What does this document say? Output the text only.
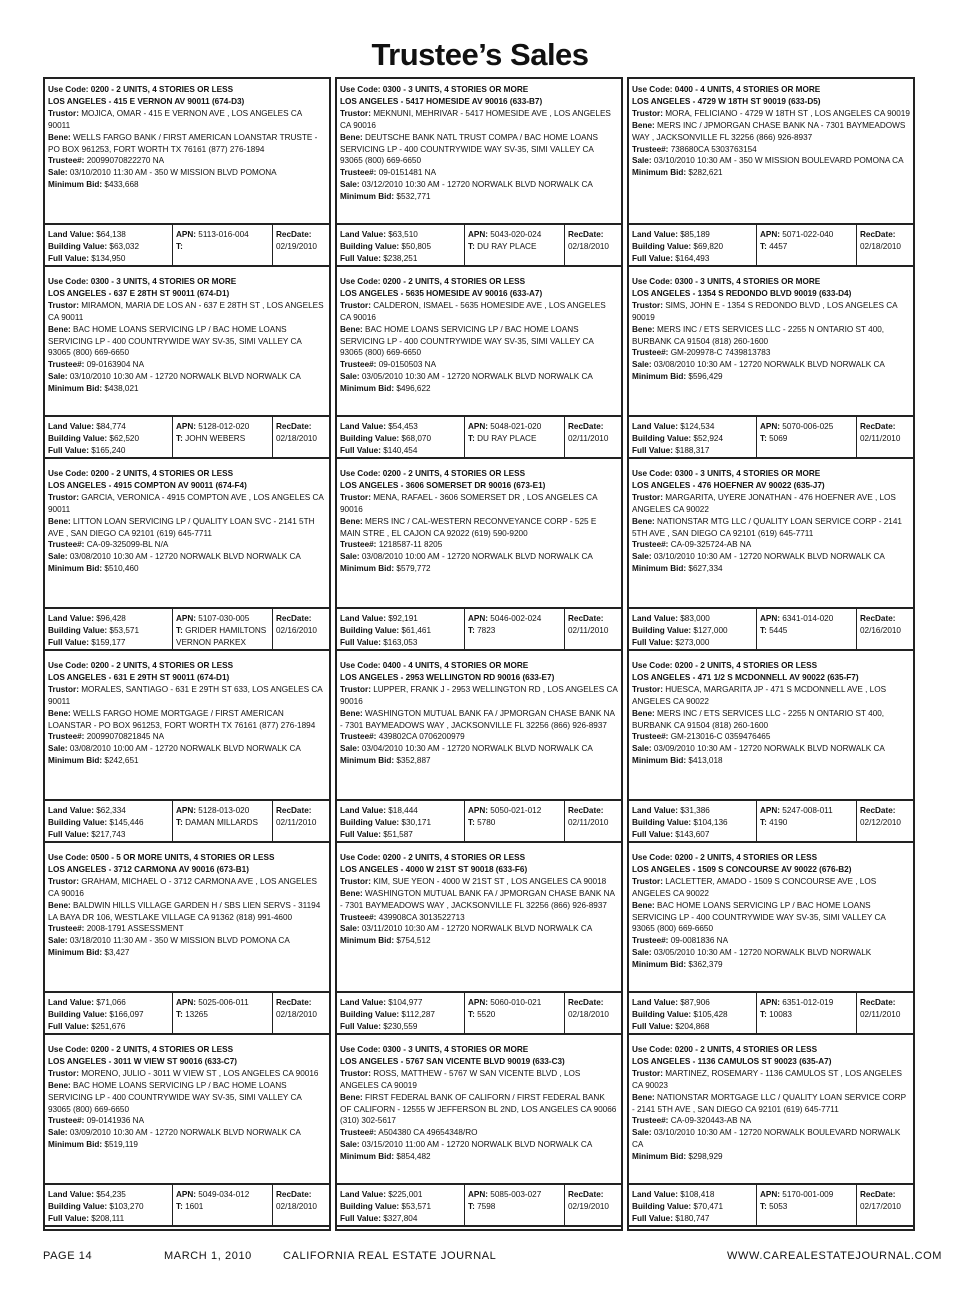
Trustee’s Sales
Use Code: 0200 - 2 UNITS, 4 STORIES OR LESS
LOS ANGELES - 415 E VERNON AV 90011 (674-D3)
Trustor: MOJICA, OMAR - 415 E VERNON AVE , LOS ANGELES CA 90011
Bene: WELLS FARGO BANK / FIRST AMERICAN LOANSTAR TRUSTE - PO BOX 961253, FORT WORTH TX 76161 (877) 276-1894
Trustee#: 20099070822270 NA
Sale: 03/10/2010 11:30 AM - 350 W MISSION BLVD POMONA
Minimum Bid: $433,668
Land Value: $64,138
Building Value: $63,032
Full Value: $134,950
APN: 5113-016-004
T:
RecDate:
02/19/2010
Use Code: 0300 - 3 UNITS, 4 STORIES OR MORE
LOS ANGELES - 637 E 28TH ST 90011 (674-D1)
Trustor: MIRAMON, MARIA DE LOS AN - 637 E 28TH ST , LOS ANGELES CA 90011
Bene: BAC HOME LOANS SERVICING LP / BAC HOME LOANS SERVICING LP - 400 COUNTRYWIDE WAY SV-35, SIMI VALLEY CA 93065 (800) 669-6650
Trustee#: 09-0163904 NA
Sale: 03/10/2010 10:30 AM - 12720 NORWALK BLVD NORWALK CA
Minimum Bid: $438,021
Land Value: $84,774
Building Value: $62,520
Full Value: $165,240
APN: 5128-012-020
T: JOHN WEBERS
RecDate:
02/18/2010
Use Code: 0200 - 2 UNITS, 4 STORIES OR LESS
LOS ANGELES - 4915 COMPTON AV 90011 (674-F4)
Trustor: GARCIA, VERONICA - 4915 COMPTON AVE , LOS ANGELES CA 90011
Bene: LITTON LOAN SERVICING LP / QUALITY LOAN SVC - 2141 5TH AVE , SAN DIEGO CA 92101 (619) 645-7711
Trustee#: CA-09-325099-BL N/A
Sale: 03/08/2010 10:30 AM - 12720 NORWALK BLVD NORWALK CA
Minimum Bid: $510,460
Land Value: $96,428
Building Value: $53,571
Full Value: $159,177
APN: 5107-030-005
T: GRIDER HAMILTONS VERNON PARKEX
RecDate:
02/16/2010
Use Code: 0200 - 2 UNITS, 4 STORIES OR LESS
LOS ANGELES - 631 E 29TH ST 90011 (674-D1)
Trustor: MORALES, SANTIAGO - 631 E 29TH ST 633, LOS ANGELES CA 90011
Bene: WELLS FARGO HOME MORTGAGE / FIRST AMERICAN LOANSTAR - PO BOX 961253, FORT WORTH TX 76161 (877) 276-1894
Trustee#: 20099070821845 NA
Sale: 03/08/2010 10:00 AM - 12720 NORWALK BLVD NORWALK CA
Minimum Bid: $242,651
Land Value: $62,334
Building Value: $145,446
Full Value: $217,743
APN: 5128-013-020
T: DAMAN MILLARDS
RecDate:
02/11/2010
Use Code: 0500 - 5 OR MORE UNITS, 4 STORIES OR LESS
LOS ANGELES - 3712 CARMONA AV 90016 (673-B1)
Trustor: GRAHAM, MICHAEL O - 3712 CARMONA AVE , LOS ANGELES CA 90016
Bene: BALDWIN HILLS VILLAGE GARDEN H / SBS LIEN SERVS - 31194 LA BAYA DR 106, WESTLAKE VILLAGE CA 91362 (818) 991-4600
Trustee#: 2008-1791 ASSESSMENT
Sale: 03/18/2010 11:30 AM - 350 W MISSION BLVD POMONA CA
Minimum Bid: $3,427
Land Value: $71,066
Building Value: $166,097
Full Value: $251,676
APN: 5025-006-011
T: 13265
RecDate:
02/18/2010
Use Code: 0200 - 2 UNITS, 4 STORIES OR LESS
LOS ANGELES - 3011 W VIEW ST 90016 (633-C7)
Trustor: MORENO, JULIO - 3011 W VIEW ST , LOS ANGELES CA 90016
Bene: BAC HOME LOANS SERVICING LP / BAC HOME LOANS SERVICING LP - 400 COUNTRYWIDE WAY SV-35, SIMI VALLEY CA 93065 (800) 669-6650
Trustee#: 09-0141936 NA
Sale: 03/09/2010 10:30 AM - 12720 NORWALK BLVD NORWALK CA
Minimum Bid: $519,119
Land Value: $54,235
Building Value: $103,270
Full Value: $208,111
APN: 5049-034-012
T: 1601
RecDate:
02/18/2010
Use Code: 0300 - 3 UNITS, 4 STORIES OR MORE
LOS ANGELES - 5417 HOMESIDE AV 90016 (633-B7)
Trustor: MEKNUNI, MEHRIVAR - 5417 HOMESIDE AVE , LOS ANGELES CA 90016
Bene: DEUTSCHE BANK NATL TRUST COMPA / BAC HOME LOANS SERVICING LP - 400 COUNTRYWIDE WAY SV-35, SIMI VALLEY CA 93065 (800) 669-6650
Trustee#: 09-0151481 NA
Sale: 03/12/2010 10:30 AM - 12720 NORWALK BLVD NORWALK CA
Minimum Bid: $532,771
Land Value: $63,510
Building Value: $50,805
Full Value: $238,251
APN: 5043-020-024
T: DU RAY PLACE
RecDate:
02/18/2010
Use Code: 0200 - 2 UNITS, 4 STORIES OR LESS
LOS ANGELES - 5635 HOMESIDE AV 90016 (633-A7)
Trustor: CALDERON, ISMAEL - 5635 HOMESIDE AVE , LOS ANGELES CA 90016
Bene: BAC HOME LOANS SERVICING LP / BAC HOME LOANS SERVICING LP - 400 COUNTRYWIDE WAY SV-35, SIMI VALLEY CA 93065 (800) 669-6650
Trustee#: 09-0150503 NA
Sale: 03/05/2010 10:30 AM - 12720 NORWALK BLVD NORWALK CA
Minimum Bid: $496,622
Land Value: $54,453
Building Value: $68,070
Full Value: $140,454
APN: 5048-021-020
T: DU RAY PLACE
RecDate:
02/11/2010
Use Code: 0200 - 2 UNITS, 4 STORIES OR LESS
LOS ANGELES - 3606 SOMERSET DR 90016 (673-E1)
Trustor: MENA, RAFAEL - 3606 SOMERSET DR , LOS ANGELES CA 90016
Bene: MERS INC / CAL-WESTERN RECONVEYANCE CORP - 525 E MAIN STRE , EL CAJON CA 92022 (619) 590-9200
Trustee#: 1218587-11 8205
Sale: 03/08/2010 10:00 AM - 12720 NORWALK BLVD NORWALK CA
Minimum Bid: $579,772
Land Value: $92,191
Building Value: $61,461
Full Value: $163,053
APN: 5046-002-024
T: 7823
RecDate:
02/11/2010
Use Code: 0400 - 4 UNITS, 4 STORIES OR MORE
LOS ANGELES - 2953 WELLINGTON RD 90016 (633-E7)
Trustor: LUPPER, FRANK J - 2953 WELLINGTON RD , LOS ANGELES CA 90016
Bene: WASHINGTON MUTUAL BANK FA / JPMORGAN CHASE BANK NA - 7301 BAYMEADOWS WAY , JACKSONVILLE FL 32256 (866) 926-8937
Trustee#: 439802CA 0706200979
Sale: 03/04/2010 10:30 AM - 12720 NORWALK BLVD NORWALK CA
Minimum Bid: $352,887
Land Value: $18,444
Building Value: $30,171
Full Value: $51,587
APN: 5050-021-012
T: 5780
RecDate:
02/11/2010
Use Code: 0200 - 2 UNITS, 4 STORIES OR LESS
LOS ANGELES - 4000 W 21ST ST 90018 (633-F6)
Trustor: KIM, SUE YEON - 4000 W 21ST ST , LOS ANGELES CA 90018
Bene: WASHINGTON MUTUAL BANK FA / JPMORGAN CHASE BANK NA - 7301 BAYMEADOWS WAY , JACKSONVILLE FL 32256 (866) 926-8937
Trustee#: 439908CA 3013522713
Sale: 03/11/2010 10:30 AM - 12720 NORWALK BLVD NORWALK CA
Minimum Bid: $754,512
Land Value: $104,977
Building Value: $112,287
Full Value: $230,559
APN: 5060-010-021
T: 5520
RecDate:
02/18/2010
Use Code: 0300 - 3 UNITS, 4 STORIES OR MORE
LOS ANGELES - 5767 SAN VICENTE BLVD 90019 (633-C3)
Trustor: ROSS, MATTHEW - 5767 W SAN VICENTE BLVD , LOS ANGELES CA 90019
Bene: FIRST FEDERAL BANK OF CALIFORN / FIRST FEDERAL BANK OF CALIFORN - 12555 W JEFFERSON BL 2ND, LOS ANGELES CA 90066 (310) 302-5617
Trustee#: A504380 CA 49654348/RO
Sale: 03/15/2010 11:00 AM - 12720 NORWALK BLVD NORWALK CA
Minimum Bid: $854,482
Land Value: $225,001
Building Value: $53,571
Full Value: $327,804
APN: 5085-003-027
T: 7598
RecDate:
02/19/2010
Use Code: 0400 - 4 UNITS, 4 STORIES OR MORE
LOS ANGELES - 4729 W 18TH ST 90019 (633-D5)
Trustor: MORA, FELICIANO - 4729 W 18TH ST , LOS ANGELES CA 90019
Bene: MERS INC / JPMORGAN CHASE BANK NA - 7301 BAYMEADOWS WAY , JACKSONVILLE FL 32256 (866) 926-8937
Trustee#: 738680CA 5303763154
Sale: 03/10/2010 10:30 AM - 350 W MISSION BOULEVARD POMONA CA
Minimum Bid: $282,621
Land Value: $85,189
Building Value: $69,820
Full Value: $164,493
APN: 5071-022-040
T: 4457
RecDate:
02/18/2010
Use Code: 0300 - 3 UNITS, 4 STORIES OR MORE
LOS ANGELES - 1354 S REDONDO BLVD 90019 (633-D4)
Trustor: SIMS, JOHN E - 1354 S REDONDO BLVD , LOS ANGELES CA 90019
Bene: MERS INC / ETS SERVICES LLC - 2255 N ONTARIO ST 400, BURBANK CA 91504 (818) 260-1600
Trustee#: GM-209978-C 7439813783
Sale: 03/08/2010 10:30 AM - 12720 NORWALK BLVD NORWALK CA
Minimum Bid: $596,429
Land Value: $124,534
Building Value: $52,924
Full Value: $188,317
APN: 5070-006-025
T: 5069
RecDate:
02/11/2010
Use Code: 0300 - 3 UNITS, 4 STORIES OR MORE
LOS ANGELES - 476 HOEFNER AV 90022 (635-J7)
Trustor: MARGARITA, UYERE JONATHAN - 476 HOEFNER AVE , LOS ANGELES CA 90022
Bene: NATIONSTAR MTG LLC / QUALITY LOAN SERVICE CORP - 2141 5TH AVE , SAN DIEGO CA 92101 (619) 645-7711
Trustee#: CA-09-325724-AB NA
Sale: 03/10/2010 10:30 AM - 12720 NORWALK BLVD NORWALK CA
Minimum Bid: $627,334
Land Value: $83,000
Building Value: $127,000
Full Value: $273,000
APN: 6341-014-020
T: 5445
RecDate:
02/16/2010
Use Code: 0200 - 2 UNITS, 4 STORIES OR LESS
LOS ANGELES - 471 1/2 S MCDONNELL AV 90022 (635-F7)
Trustor: HUESCA, MARGARITA JP - 471 S MCDONNELL AVE , LOS ANGELES CA 90022
Bene: MERS INC / ETS SERVICES LLC - 2255 N ONTARIO ST 400, BURBANK CA 91504 (818) 260-1600
Trustee#: GM-213016-C 0359476465
Sale: 03/09/2010 10:30 AM - 12720 NORWALK BLVD NORWALK CA
Minimum Bid: $413,018
Land Value: $31,386
Building Value: $104,136
Full Value: $143,607
APN: 5247-008-011
T: 4190
RecDate:
02/12/2010
Use Code: 0200 - 2 UNITS, 4 STORIES OR LESS
LOS ANGELES - 1509 S CONCOURSE AV 90022 (676-B2)
Trustor: LACLETTER, AMADO - 1509 S CONCOURSE AVE , LOS ANGELES CA 90022
Bene: BAC HOME LOANS SERVICING LP / BAC HOME LOANS SERVICING LP - 400 COUNTRYWIDE WAY SV-35, SIMI VALLEY CA 93065 (800) 669-6650
Trustee#: 09-0081836 NA
Sale: 03/05/2010 10:30 AM - 12720 NORWALK BLVD NORWALK
Minimum Bid: $362,379
Land Value: $87,906
Building Value: $105,428
Full Value: $204,868
APN: 6351-012-019
T: 10083
RecDate:
02/11/2010
Use Code: 0200 - 2 UNITS, 4 STORIES OR LESS
LOS ANGELES - 1136 CAMULOS ST 90023 (635-A7)
Trustor: MARTINEZ, ROSEMARY - 1136 CAMULOS ST , LOS ANGELES CA 90023
Bene: NATIONSTAR MORTGAGE LLC / QUALITY LOAN SERVICE CORP - 2141 5TH AVE , SAN DIEGO CA 92101 (619) 645-7711
Trustee#: CA-09-320443-AB NA
Sale: 03/10/2010 10:30 AM - 12720 NORWALK BOULEVARD NORWALK CA
Minimum Bid: $298,929
Land Value: $108,418
Building Value: $70,471
Full Value: $180,747
APN: 5170-001-009
T: 5053
RecDate:
02/17/2010
PAGE 14	MARCH 1, 2010	CALIFORNIA REAL ESTATE JOURNAL	WWW.CAREALESTATEJOURNAL.COM
